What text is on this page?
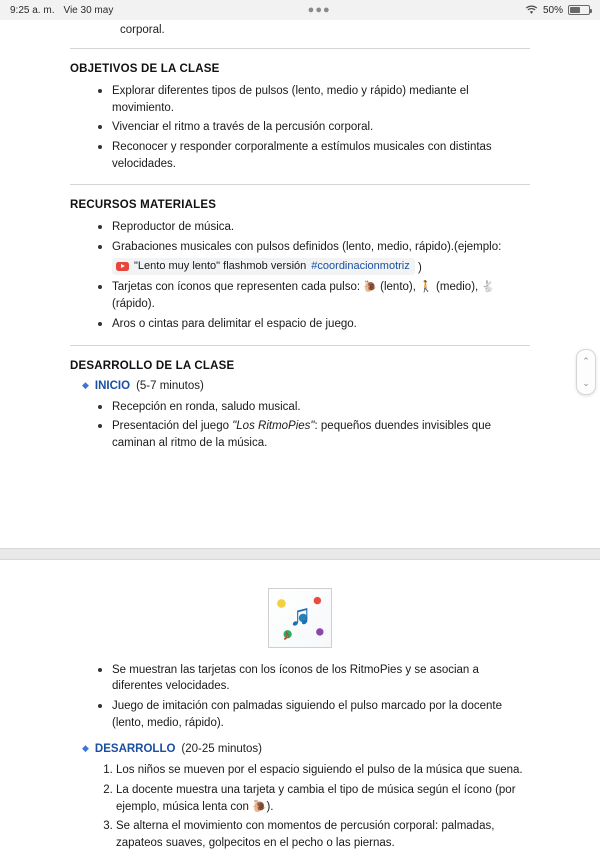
9:25 a. m. Vie 30 may	●●●	50%
corporal.
OBJETIVOS DE LA CLASE
Explorar diferentes tipos de pulsos (lento, medio y rápido) mediante el movimiento.
Vivenciar el ritmo a través de la percusión corporal.
Reconocer y responder corporalmente a estímulos musicales con distintas velocidades.
RECURSOS MATERIALES
Reproductor de música.
Grabaciones musicales con pulsos definidos (lento, medio, rápido).(ejemplo:

"Lento muy lento" flashmob versión #coordinacionmotriz )
Tarjetas con íconos que representen cada pulso: 🐌 (lento), 🚶 (medio), 🐇 (rápido).
Aros o cintas para delimitar el espacio de juego.
DESARROLLO DE LA CLASE
◆ INICIO (5-7 minutos)
Recepción en ronda, saludo musical.
Presentación del juego "Los RitmoPies": pequeños duendes invisibles que caminan al ritmo de la música.
♫ ♪
Se muestran las tarjetas con los íconos de los RitmoPies y se asocian a diferentes velocidades.
Juego de imitación con palmadas siguiendo el pulso marcado por la docente (lento, medio, rápido).
◆ DESARROLLO (20-25 minutos)
1. Los niños se mueven por el espacio siguiendo el pulso de la música que suena.
2. La docente muestra una tarjeta y cambia el tipo de música según el ícono (por ejemplo, música lenta con 🐌).
3. Se alterna el movimiento con momentos de percusión corporal: palmadas, zapateos suaves, golpecitos en el pecho o las piernas.
⌃
⌄
